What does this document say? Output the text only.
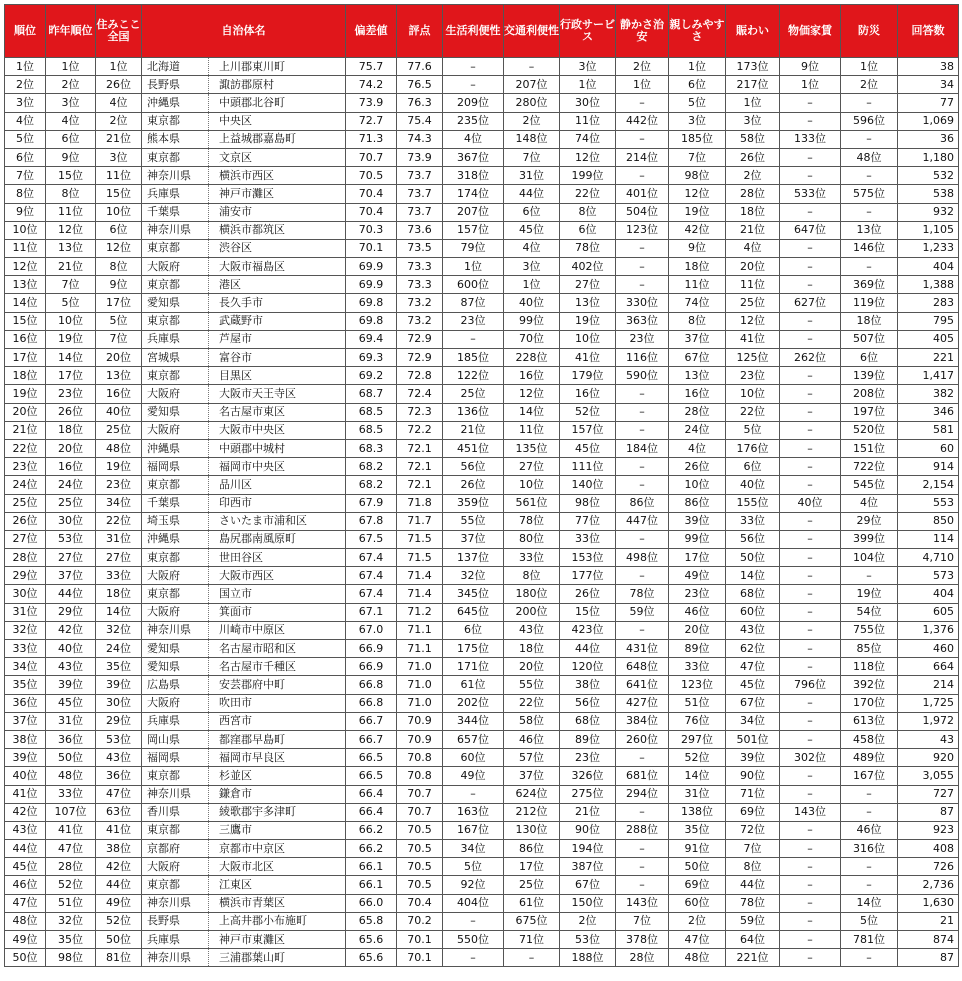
順位	昨年順位	住みここ全国	自治体名		偏差値	評点	生活利便性	交通利便性	行政サービス	静かさ治安	親しみやすさ	賑わい	物価家賃	防災	回答数
1位	1位	1位	北海道	上川郡東川町	75.7	77.6	–	–	3位	2位	1位	173位	9位	1位	38
2位	2位	26位	長野県	諏訪郡原村	74.2	76.5	–	207位	1位	1位	6位	217位	1位	2位	34
3位	3位	4位	沖縄県	中頭郡北谷町	73.9	76.3	209位	280位	30位	–	5位	1位	–	–	77
4位	4位	2位	東京都	中央区	72.7	75.4	235位	2位	11位	442位	3位	3位	–	596位	1,069
5位	6位	21位	熊本県	上益城郡嘉島町	71.3	74.3	4位	148位	74位	–	185位	58位	133位	–	36
6位	9位	3位	東京都	文京区	70.7	73.9	367位	7位	12位	214位	7位	26位	–	48位	1,180
7位	15位	11位	神奈川県	横浜市西区	70.5	73.7	318位	31位	199位	–	98位	2位	–	–	532
8位	8位	15位	兵庫県	神戸市灘区	70.4	73.7	174位	44位	22位	401位	12位	28位	533位	575位	538
9位	11位	10位	千葉県	浦安市	70.4	73.7	207位	6位	8位	504位	19位	18位	–	–	932
10位	12位	6位	神奈川県	横浜市都筑区	70.3	73.6	157位	45位	6位	123位	42位	21位	647位	13位	1,105
11位	13位	12位	東京都	渋谷区	70.1	73.5	79位	4位	78位	–	9位	4位	–	146位	1,233
12位	21位	8位	大阪府	大阪市福島区	69.9	73.3	1位	3位	402位	–	18位	20位	–	–	404
13位	7位	9位	東京都	港区	69.9	73.3	600位	1位	27位	–	11位	11位	–	369位	1,388
14位	5位	17位	愛知県	長久手市	69.8	73.2	87位	40位	13位	330位	74位	25位	627位	119位	283
15位	10位	5位	東京都	武蔵野市	69.8	73.2	23位	99位	19位	363位	8位	12位	–	18位	795
16位	19位	7位	兵庫県	芦屋市	69.4	72.9	–	70位	10位	23位	37位	41位	–	507位	405
17位	14位	20位	宮城県	富谷市	69.3	72.9	185位	228位	41位	116位	67位	125位	262位	6位	221
18位	17位	13位	東京都	目黒区	69.2	72.8	122位	16位	179位	590位	13位	23位	–	139位	1,417
19位	23位	16位	大阪府	大阪市天王寺区	68.7	72.4	25位	12位	16位	–	16位	10位	–	208位	382
20位	26位	40位	愛知県	名古屋市東区	68.5	72.3	136位	14位	52位	–	28位	22位	–	197位	346
21位	18位	25位	大阪府	大阪市中央区	68.5	72.2	21位	11位	157位	–	24位	5位	–	520位	581
22位	20位	48位	沖縄県	中頭郡中城村	68.3	72.1	451位	135位	45位	184位	4位	176位	–	151位	60
23位	16位	19位	福岡県	福岡市中央区	68.2	72.1	56位	27位	111位	–	26位	6位	–	722位	914
24位	24位	23位	東京都	品川区	68.2	72.1	26位	10位	140位	–	10位	40位	–	545位	2,154
25位	25位	34位	千葉県	印西市	67.9	71.8	359位	561位	98位	86位	86位	155位	40位	4位	553
26位	30位	22位	埼玉県	さいたま市浦和区	67.8	71.7	55位	78位	77位	447位	39位	33位	–	29位	850
27位	53位	31位	沖縄県	島尻郡南風原町	67.5	71.5	37位	80位	33位	–	99位	56位	–	399位	114
28位	27位	27位	東京都	世田谷区	67.4	71.5	137位	33位	153位	498位	17位	50位	–	104位	4,710
29位	37位	33位	大阪府	大阪市西区	67.4	71.4	32位	8位	177位	–	49位	14位	–	–	573
30位	44位	18位	東京都	国立市	67.4	71.4	345位	180位	26位	78位	23位	68位	–	19位	404
31位	29位	14位	大阪府	箕面市	67.1	71.2	645位	200位	15位	59位	46位	60位	–	54位	605
32位	42位	32位	神奈川県	川崎市中原区	67.0	71.1	6位	43位	423位	–	20位	43位	–	755位	1,376
33位	40位	24位	愛知県	名古屋市昭和区	66.9	71.1	175位	18位	44位	431位	89位	62位	–	85位	460
34位	43位	35位	愛知県	名古屋市千種区	66.9	71.0	171位	20位	120位	648位	33位	47位	–	118位	664
35位	39位	39位	広島県	安芸郡府中町	66.8	71.0	61位	55位	38位	641位	123位	45位	796位	392位	214
36位	45位	30位	大阪府	吹田市	66.8	71.0	202位	22位	56位	427位	51位	67位	–	170位	1,725
37位	31位	29位	兵庫県	西宮市	66.7	70.9	344位	58位	68位	384位	76位	34位	–	613位	1,972
38位	36位	53位	岡山県	都窪郡早島町	66.7	70.9	657位	46位	89位	260位	297位	501位	–	458位	43
39位	50位	43位	福岡県	福岡市早良区	66.5	70.8	60位	57位	23位	–	52位	39位	302位	489位	920
40位	48位	36位	東京都	杉並区	66.5	70.8	49位	37位	326位	681位	14位	90位	–	167位	3,055
41位	33位	47位	神奈川県	鎌倉市	66.4	70.7	–	624位	275位	294位	31位	71位	–	–	727
42位	107位	63位	香川県	綾歌郡宇多津町	66.4	70.7	163位	212位	21位	–	138位	69位	143位	–	87
43位	41位	41位	東京都	三鷹市	66.2	70.5	167位	130位	90位	288位	35位	72位	–	46位	923
44位	47位	38位	京都府	京都市中京区	66.2	70.5	34位	86位	194位	–	91位	7位	–	316位	408
45位	28位	42位	大阪府	大阪市北区	66.1	70.5	5位	17位	387位	–	50位	8位	–	–	726
46位	52位	44位	東京都	江東区	66.1	70.5	92位	25位	67位	–	69位	44位	–	–	2,736
47位	51位	49位	神奈川県	横浜市青葉区	66.0	70.4	404位	61位	150位	143位	60位	78位	–	14位	1,630
48位	32位	52位	長野県	上高井郡小布施町	65.8	70.2	–	675位	2位	7位	2位	59位	–	5位	21
49位	35位	50位	兵庫県	神戸市東灘区	65.6	70.1	550位	71位	53位	378位	47位	64位	–	781位	874
50位	98位	81位	神奈川県	三浦郡葉山町	65.6	70.1	–	–	188位	28位	48位	221位	–	–	87
